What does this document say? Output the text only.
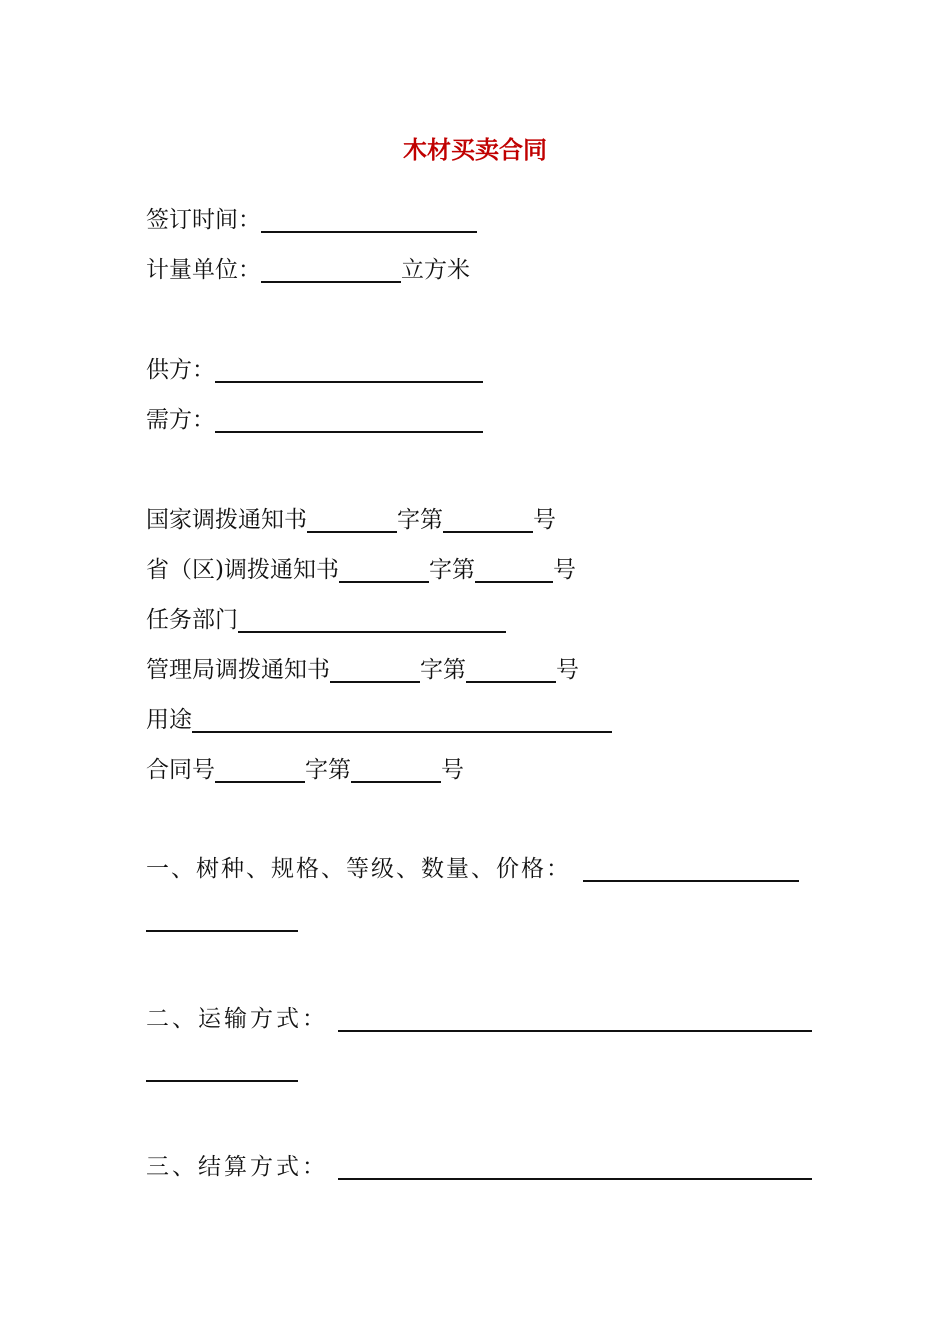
木材买卖合同
签订时间：
计量单位：	立方米
供方：
需方：
国家调拨通知书	字第	号
省（区)调拨通知书	字第	号
任务部门
管理局调拨通知书	字第	号
用途
合同号	字第	号
一、树种、规格、等级、数量、价格：
二、运输方式：
三、结算方式：
